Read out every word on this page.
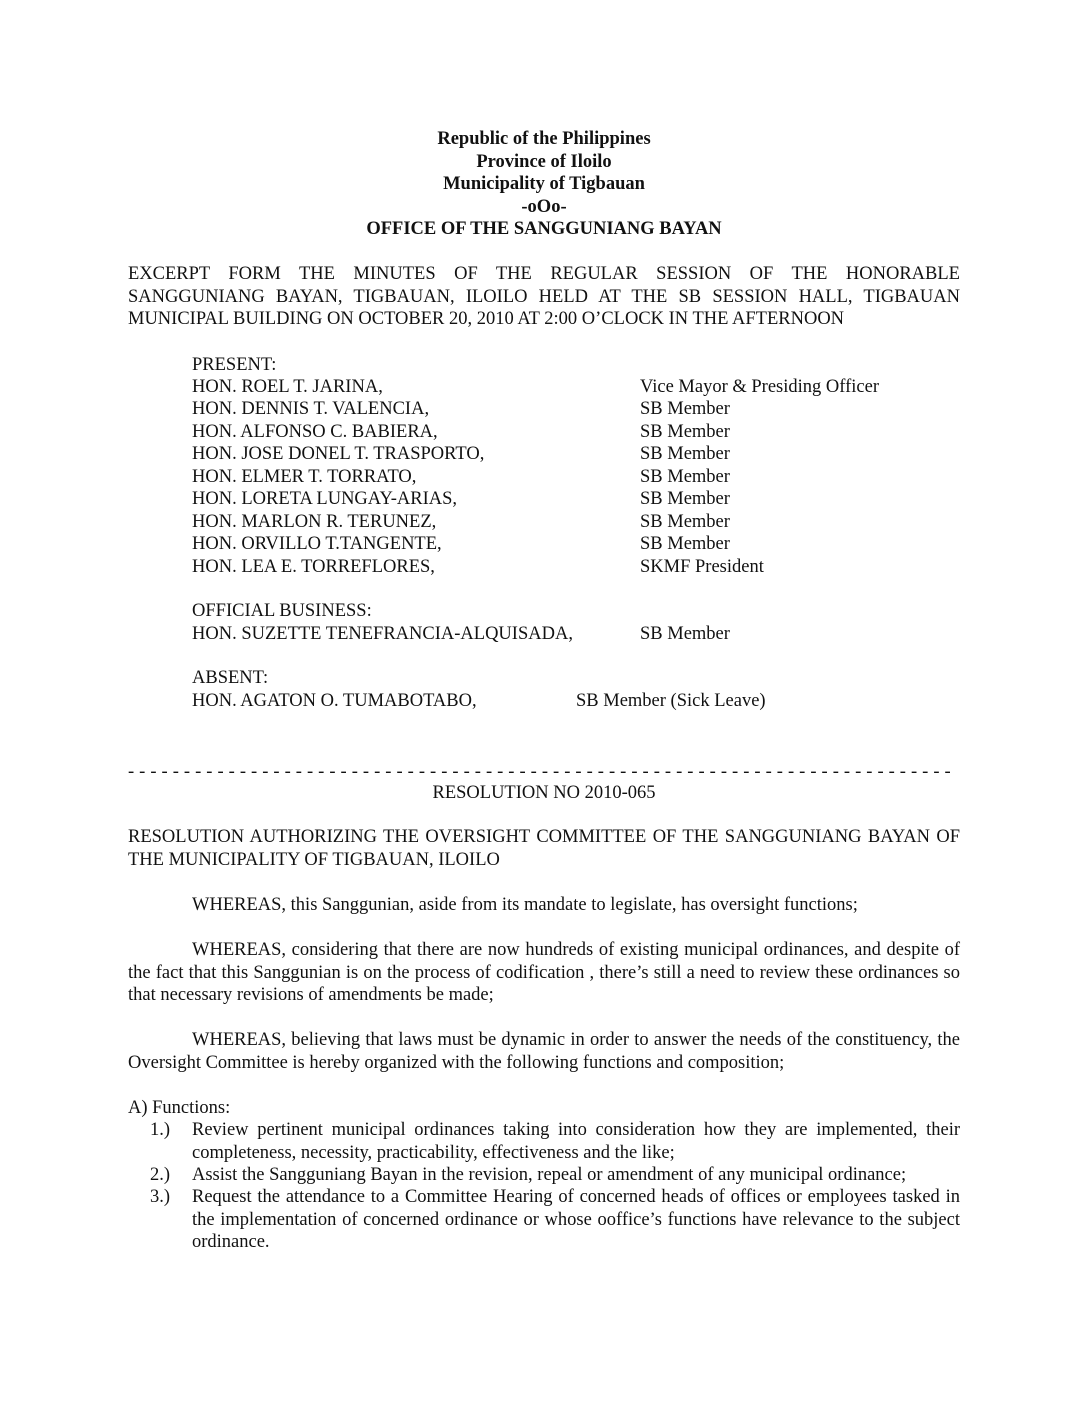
Republic of the Philippines
Province of Iloilo
Municipality of Tigbauan
-oOo-
OFFICE OF THE SANGGUNIANG BAYAN
EXCERPT FORM THE MINUTES OF THE REGULAR SESSION OF THE HONORABLE SANGGUNIANG BAYAN, TIGBAUAN, ILOILO HELD AT THE SB SESSION HALL, TIGBAUAN MUNICIPAL BUILDING ON OCTOBER 20, 2010 AT 2:00 O’CLOCK IN THE AFTERNOON
PRESENT:
HON. ROEL T. JARINA,	Vice Mayor & Presiding Officer
HON. DENNIS T. VALENCIA,	SB Member
HON. ALFONSO C. BABIERA,	SB Member
HON. JOSE DONEL T. TRASPORTO,	SB Member
HON. ELMER T. TORRATO,	SB Member
HON. LORETA LUNGAY-ARIAS,	SB Member
HON. MARLON R. TERUNEZ,	SB Member
HON. ORVILLO T.TANGENTE,	SB Member
HON. LEA E. TORREFLORES,	SKMF President
OFFICIAL BUSINESS:
HON. SUZETTE TENEFRANCIA-ALQUISADA,	SB Member
ABSENT:
HON. AGATON O. TUMABOTABO,	SB Member (Sick Leave)
- - - - - - - - - - - - - - - - - - - - - - - - - - - - - - - - - - - - - - - - - - - - - - - - - - - - - - - - - - - - - - - - - - - - - - - - - -
RESOLUTION NO 2010-065
RESOLUTION AUTHORIZING THE OVERSIGHT COMMITTEE OF THE SANGGUNIANG BAYAN OF THE MUNICIPALITY OF TIGBAUAN, ILOILO
WHEREAS, this Sanggunian, aside from its mandate to legislate, has oversight functions;
WHEREAS, considering that there are now hundreds of existing municipal ordinances, and despite of the fact that this Sanggunian is on the process of codification , there’s still a need to review these ordinances so that necessary revisions of amendments be made;
WHEREAS, believing that laws must be dynamic in order to answer the needs of the constituency, the Oversight Committee is hereby organized with the following functions and composition;
A) Functions:
1.) Review pertinent municipal ordinances taking into consideration how they are implemented, their completeness, necessity, practicability, effectiveness and the like;
2.) Assist the Sangguniang Bayan in the revision, repeal or amendment of any municipal ordinance;
3.) Request the attendance to a Committee Hearing of concerned heads of offices or employees tasked in the implementation of concerned ordinance or whose ooffice’s functions have relevance to the subject ordinance.
